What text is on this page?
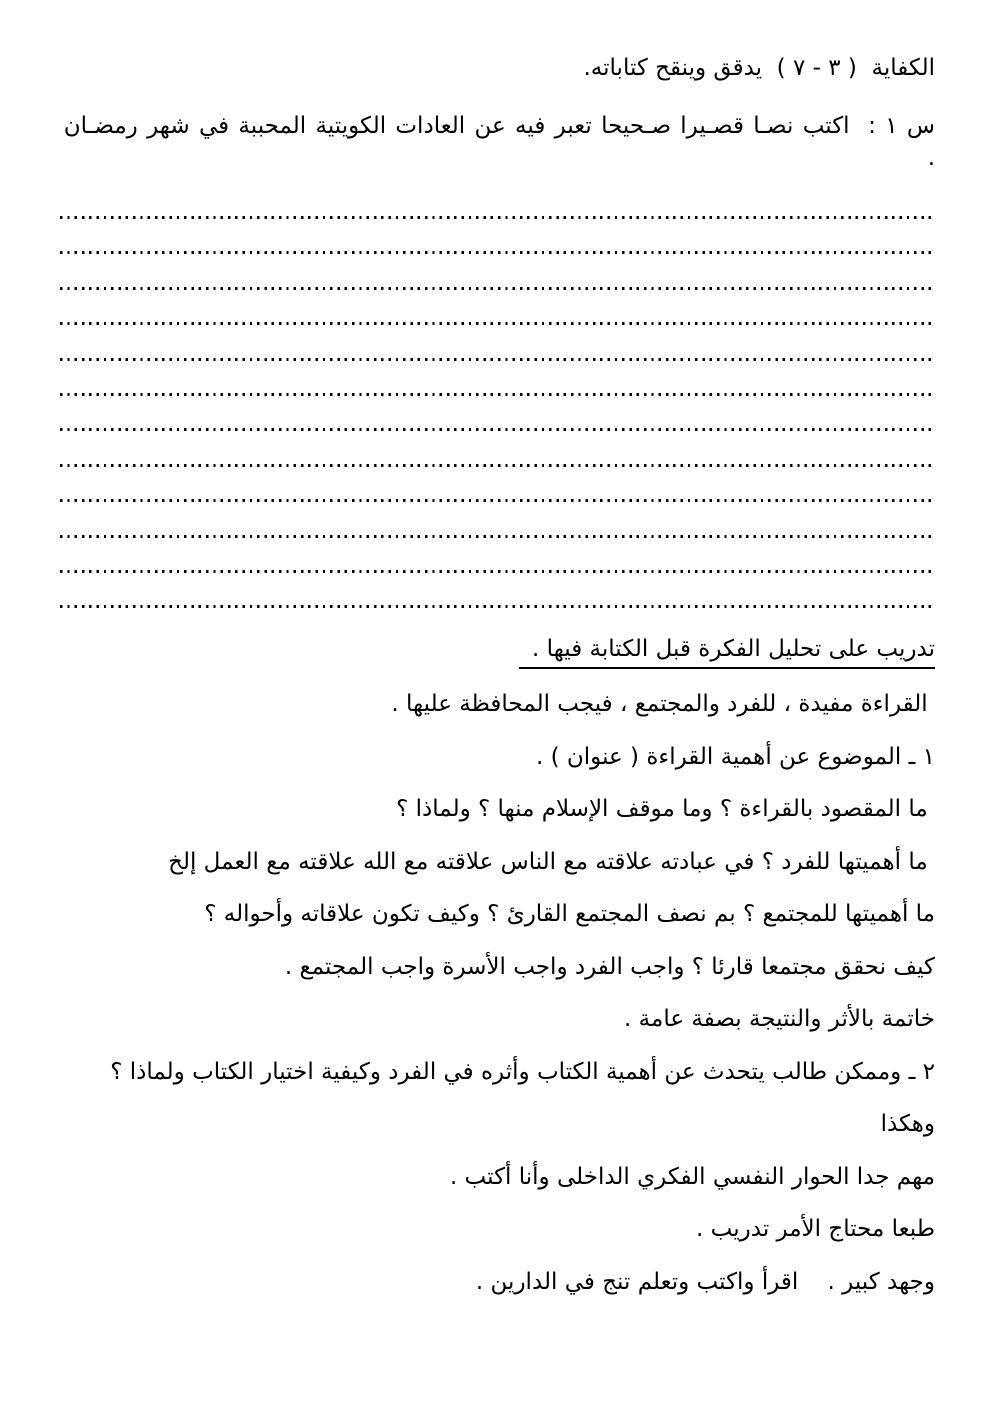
الكفاية  ( ٣ - ٧ )  يدقق وينقح كتاباته.

س ١ :  اكتب نصـا قصـيرا صـحيحا تعبر فيه عن العادات الكويتية المحببة في شهر رمضـان .

تدريب على تحليل الفكرة قبل الكتابة فيها .

القراءة مفيدة ، للفرد والمجتمع ، فيجب المحافظة عليها .

١ ـ الموضوع عن أهمية القراءة ( عنوان ) .

ما المقصود بالقراءة ؟ وما موقف الإسلام منها ؟ ولماذا ؟

ما أهميتها للفرد ؟ في عبادته علاقته مع الناس علاقته مع الله علاقته مع العمل إلخ

ما أهميتها للمجتمع ؟ بم نصف المجتمع القارئ ؟ وكيف تكون علاقاته وأحواله ؟

كيف نحقق مجتمعا قارئا ؟ واجب الفرد واجب الأسرة واجب المجتمع .

خاتمة بالأثر والنتيجة بصفة عامة .

٢ ـ وممكن طالب يتحدث عن أهمية الكتاب وأثره في الفرد وكيفية اختيار الكتاب ولماذا ؟

وهكذا

مهم جدا الحوار النفسي الفكري الداخلى وأنا أكتب .

طبعا محتاج الأمر تدريب .

وجهد كبير .    اقرأ واكتب وتعلم تنج في الدارين .
